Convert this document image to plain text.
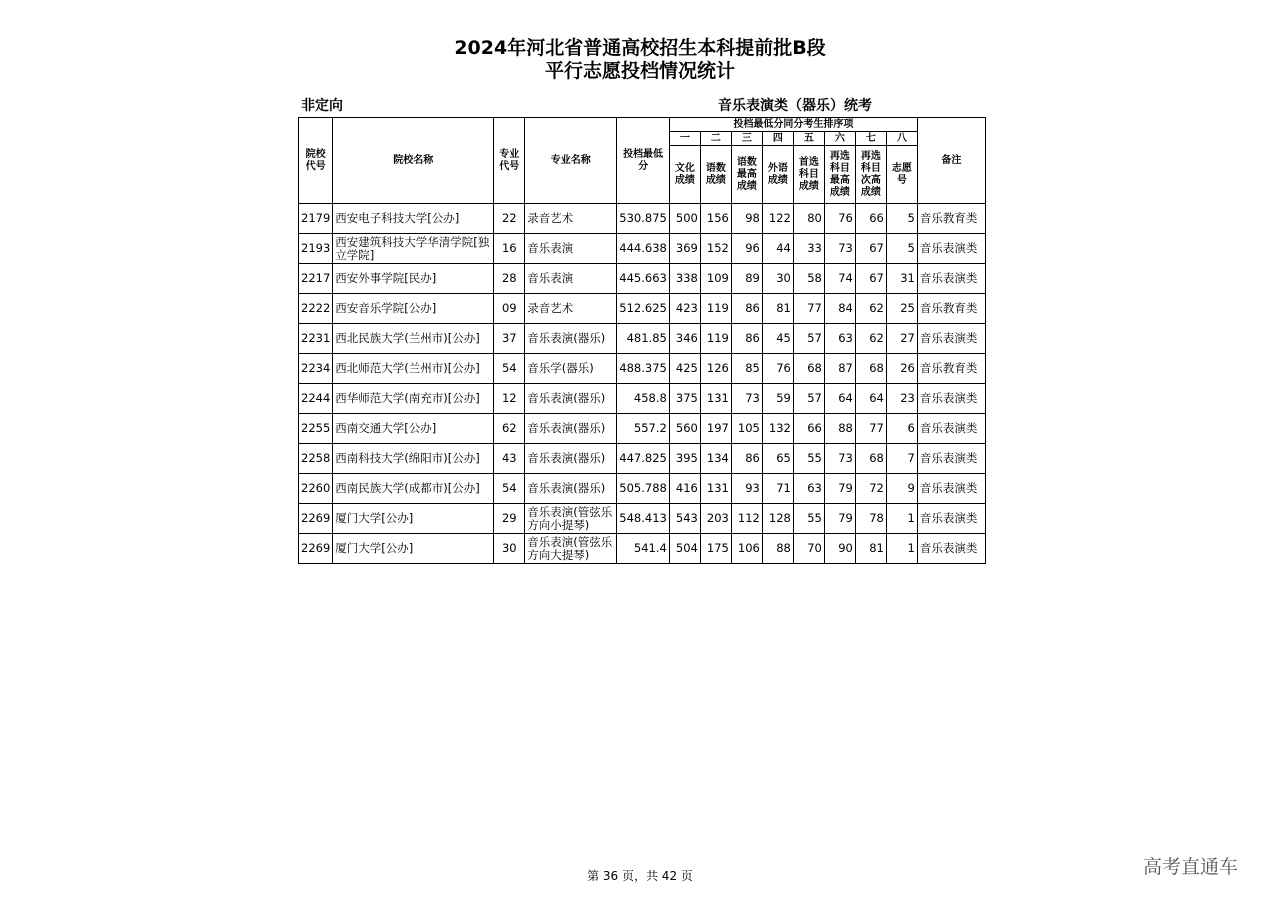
2024年河北省普通高校招生本科提前批B段
平行志愿投档情况统计
非定向	音乐表演类（器乐）统考
院校代号	院校名称	专业代号	专业名称	投档最低分	投档最低分同分考生排序项								备注
					一	二	三	四	五	六	七	八	
					文化成绩	语数成绩	语数最高成绩	外语成绩	首选科目成绩	再选科目最高成绩	再选科目次高成绩	志愿号	
2179	西安电子科技大学[公办]	22	录音艺术	530.875	500	156	98	122	80	76	66	5	音乐教育类
2193	西安建筑科技大学华清学院[独立学院]	16	音乐表演	444.638	369	152	96	44	33	73	67	5	音乐表演类
2217	西安外事学院[民办]	28	音乐表演	445.663	338	109	89	30	58	74	67	31	音乐表演类
2222	西安音乐学院[公办]	09	录音艺术	512.625	423	119	86	81	77	84	62	25	音乐教育类
2231	西北民族大学(兰州市)[公办]	37	音乐表演(器乐)	481.85	346	119	86	45	57	63	62	27	音乐表演类
2234	西北师范大学(兰州市)[公办]	54	音乐学(器乐)	488.375	425	126	85	76	68	87	68	26	音乐教育类
2244	西华师范大学(南充市)[公办]	12	音乐表演(器乐)	458.8	375	131	73	59	57	64	64	23	音乐表演类
2255	西南交通大学[公办]	62	音乐表演(器乐)	557.2	560	197	105	132	66	88	77	6	音乐表演类
2258	西南科技大学(绵阳市)[公办]	43	音乐表演(器乐)	447.825	395	134	86	65	55	73	68	7	音乐表演类
2260	西南民族大学(成都市)[公办]	54	音乐表演(器乐)	505.788	416	131	93	71	63	79	72	9	音乐表演类
2269	厦门大学[公办]	29	音乐表演(管弦乐方向小提琴)	548.413	543	203	112	128	55	79	78	1	音乐表演类
2269	厦门大学[公办]	30	音乐表演(管弦乐方向大提琴)	541.4	504	175	106	88	70	90	81	1	音乐表演类
第 36 页，共 42 页	高考直通车
